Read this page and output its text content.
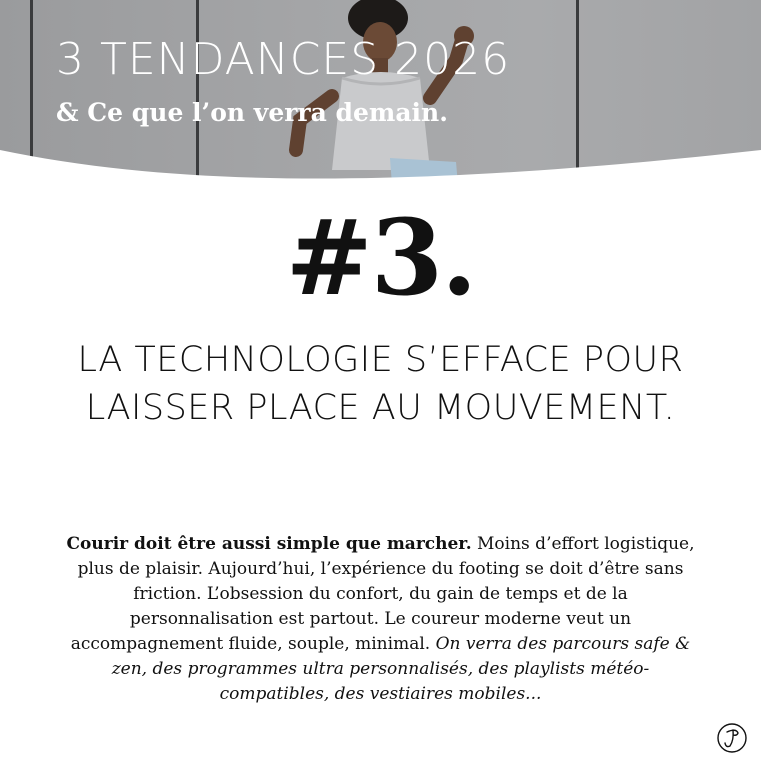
3 TENDANCES 2026
& Ce que l’on verra demain.

#3.

LA TECHNOLOGIE S’EFFACE POUR LAISSER PLACE AU MOUVEMENT.

Courir doit être aussi simple que marcher. Moins d’effort logistique, plus de plaisir. Aujourd’hui, l’expérience du footing se doit d’être sans friction. L’obsession du confort, du gain de temps et de la personnalisation est partout. Le coureur moderne veut un accompagnement fluide, souple, minimal. On verra des parcours safe & zen, des programmes ultra personnalisés, des playlists météo-compatibles, des vestiaires mobiles...
